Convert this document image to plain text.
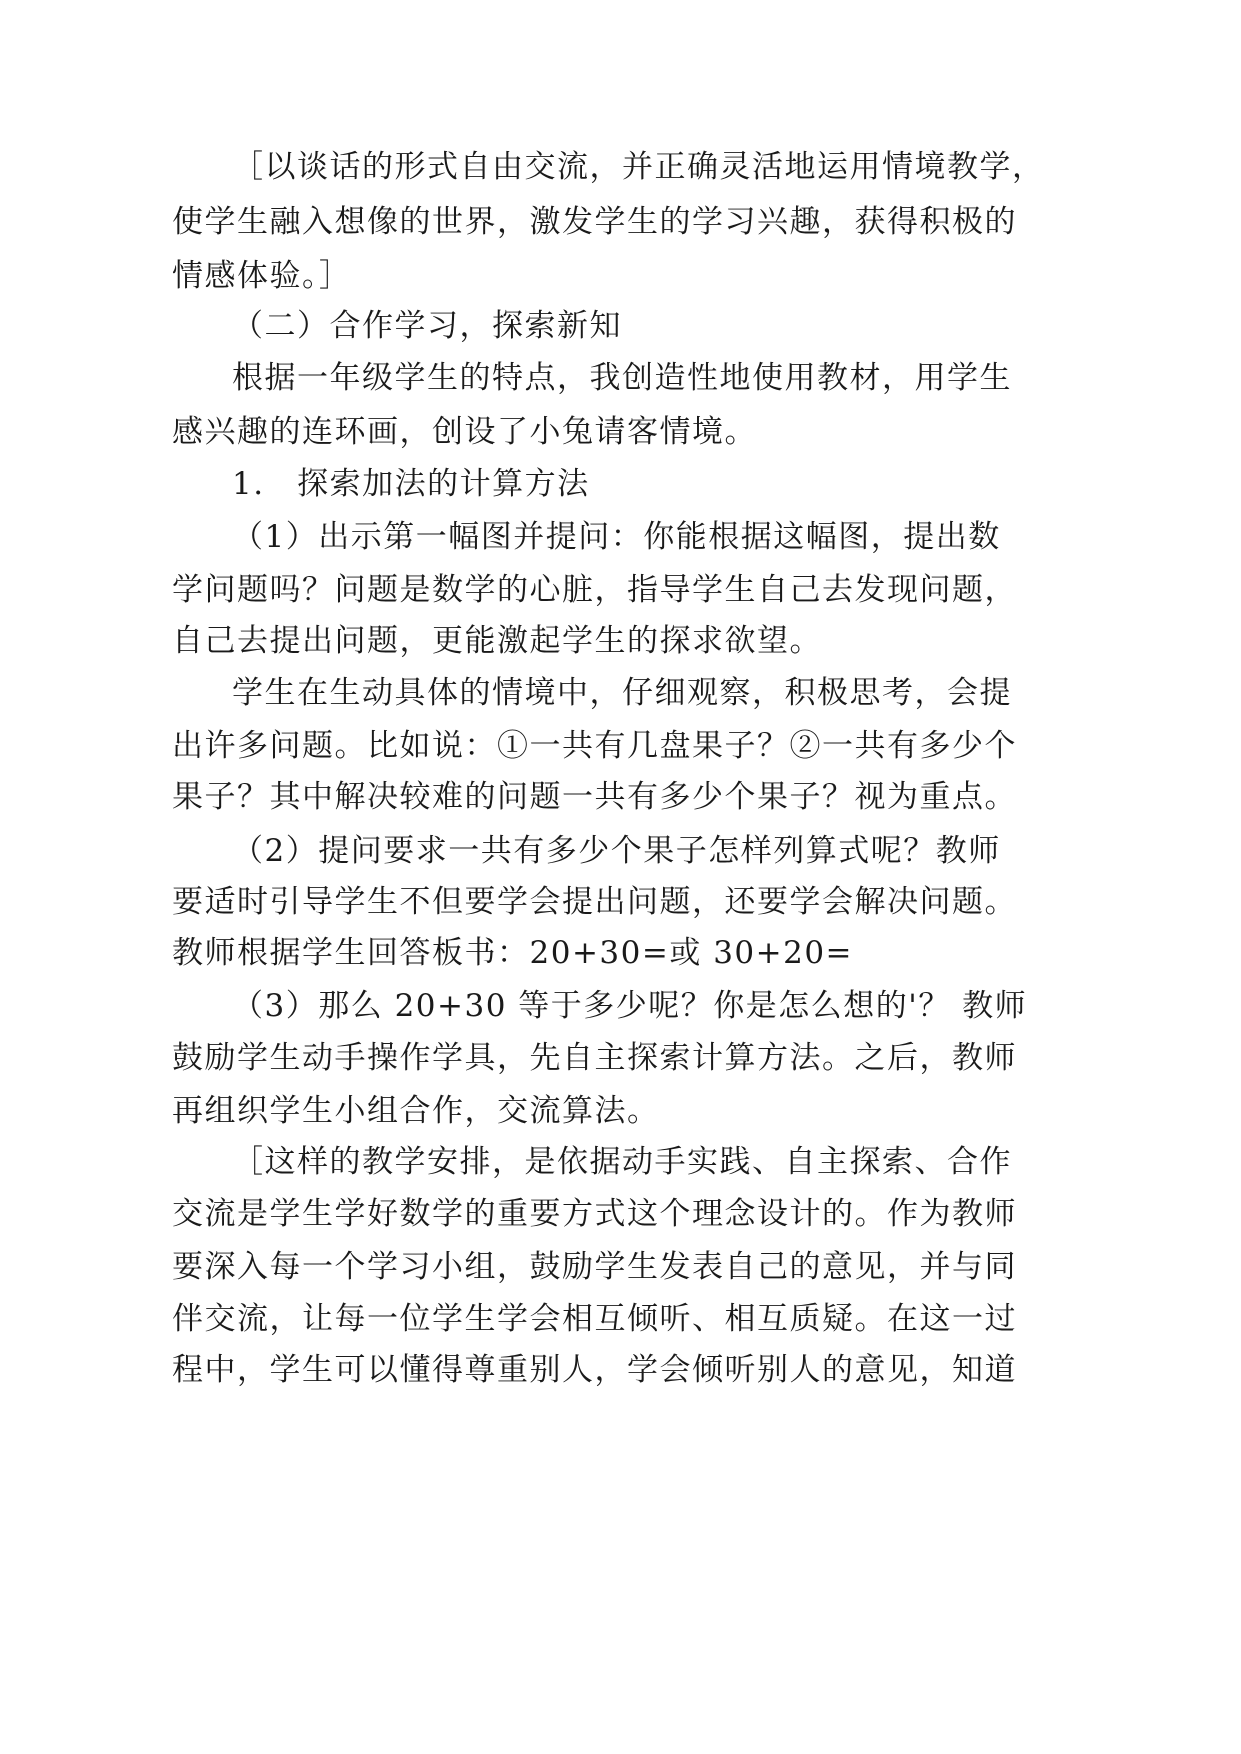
［以谈话的形式自由交流，并正确灵活地运用情境教学，
使学生融入想像的世界，激发学生的学习兴趣，获得积极的
情感体验。］
（二）合作学习，探索新知
根据一年级学生的特点，我创造性地使用教材，用学生
感兴趣的连环画，创设了小兔请客情境。
1.　探索加法的计算方法
（1）出示第一幅图并提问：你能根据这幅图，提出数
学问题吗？问题是数学的心脏，指导学生自己去发现问题，
自己去提出问题，更能激起学生的探求欲望。
学生在生动具体的情境中，仔细观察，积极思考，会提
出许多问题。比如说：①一共有几盘果子？②一共有多少个
果子？其中解决较难的问题一共有多少个果子？视为重点。
（2）提问要求一共有多少个果子怎样列算式呢？教师
要适时引导学生不但要学会提出问题，还要学会解决问题。
教师根据学生回答板书：20+30=或 30+20=
（3）那么 20+30 等于多少呢？你是怎么想的'？ 教师
鼓励学生动手操作学具，先自主探索计算方法。之后，教师
再组织学生小组合作，交流算法。
［这样的教学安排，是依据动手实践、自主探索、合作
交流是学生学好数学的重要方式这个理念设计的。作为教师
要深入每一个学习小组，鼓励学生发表自己的意见，并与同
伴交流，让每一位学生学会相互倾听、相互质疑。在这一过
程中，学生可以懂得尊重别人，学会倾听别人的意见，知道
